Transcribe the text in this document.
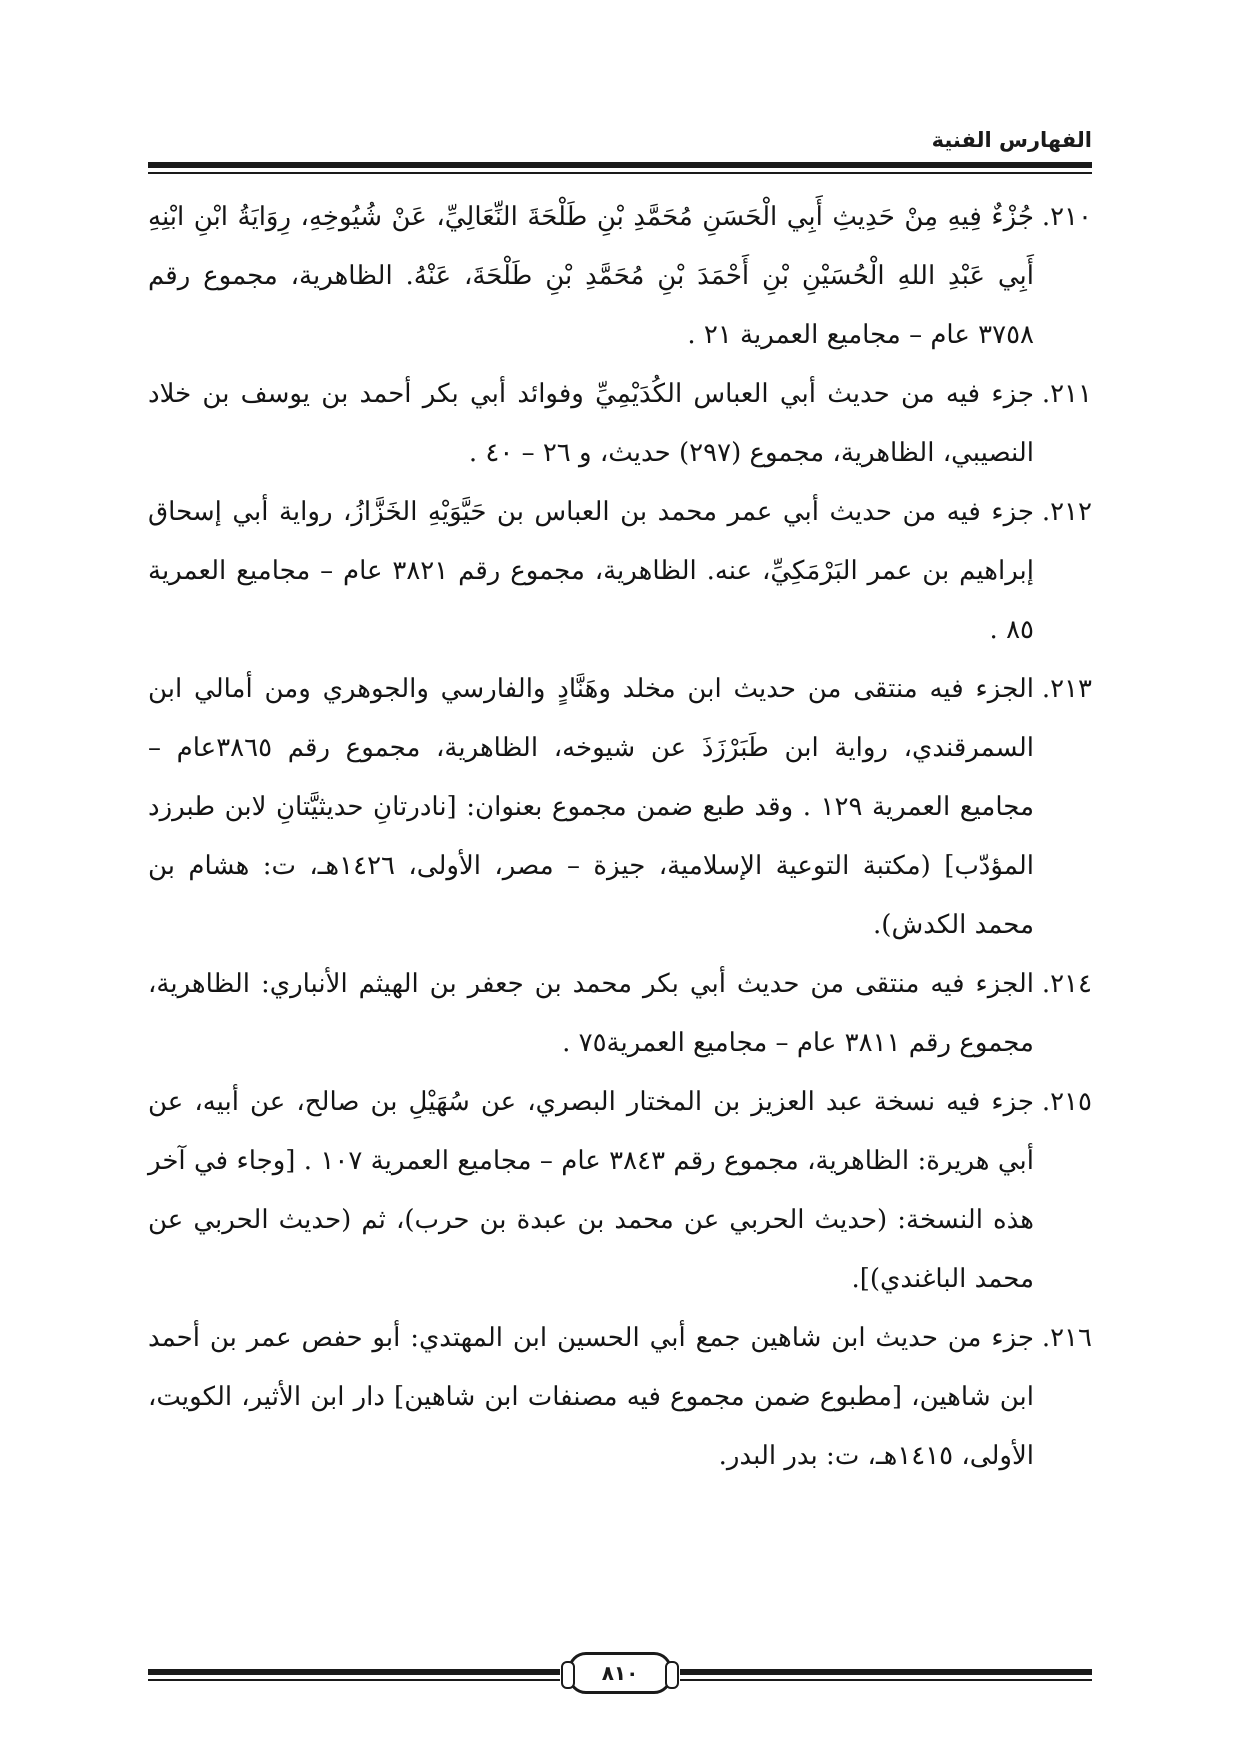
الفهارس الفنية
٢١٠.
جُزْءٌ فِيهِ مِنْ حَدِيثِ أَبِي الْحَسَنِ مُحَمَّدِ بْنِ طَلْحَةَ النِّعَالِيِّ، عَنْ شُيُوخِهِ، رِوَايَةُ ابْنِ ابْنِهِ أَبِي عَبْدِ اللهِ الْحُسَيْنِ بْنِ أَحْمَدَ بْنِ مُحَمَّدِ بْنِ طَلْحَةَ، عَنْهُ. الظاهرية، مجموع رقم ٣٧٥٨ عام – مجاميع العمرية ٢١ .
٢١١.
جزء فيه من حديث أبي العباس الكُدَيْمِيِّ وفوائد أبي بكر أحمد بن يوسف بن خلاد النصيبي، الظاهرية، مجموع (٢٩٧) حديث، و ٢٦ – ٤٠ .
٢١٢.
جزء فيه من حديث أبي عمر محمد بن العباس بن حَيَّوَيْهِ الخَزَّازُ، رواية أبي إسحاق إبراهيم بن عمر البَرْمَكِيِّ، عنه. الظاهرية، مجموع رقم ٣٨٢١ عام – مجاميع العمرية ٨٥ .
٢١٣.
الجزء فيه منتقى من حديث ابن مخلد وهَنَّادٍ والفارسي والجوهري ومن أمالي ابن السمرقندي، رواية ابن طَبَرْزَذَ عن شيوخه، الظاهرية، مجموع رقم ٣٨٦٥عام – مجاميع العمرية ١٢٩ . وقد طبع ضمن مجموع بعنوان: [نادرتانِ حديثيَّتانِ لابن طبرزد المؤدّب] (مكتبة التوعية الإسلامية، جيزة – مصر، الأولى، ١٤٢٦هـ، ت: هشام بن محمد الكدش).
٢١٤.
الجزء فيه منتقى من حديث أبي بكر محمد بن جعفر بن الهيثم الأنباري: الظاهرية، مجموع رقم ٣٨١١ عام – مجاميع العمرية٧٥ .
٢١٥.
جزء فيه نسخة عبد العزيز بن المختار البصري، عن سُهَيْلِ بن صالح، عن أبيه، عن أبي هريرة: الظاهرية، مجموع رقم ٣٨٤٣ عام – مجاميع العمرية ١٠٧ . [وجاء في آخر هذه النسخة: (حديث الحربي عن محمد بن عبدة بن حرب)، ثم (حديث الحربي عن محمد الباغندي)].
٢١٦.
جزء من حديث ابن شاهين جمع أبي الحسين ابن المهتدي: أبو حفص عمر بن أحمد ابن شاهين، [مطبوع ضمن مجموع فيه مصنفات ابن شاهين] دار ابن الأثير، الكويت، الأولى، ١٤١٥هـ، ت: بدر البدر.
٨١٠
